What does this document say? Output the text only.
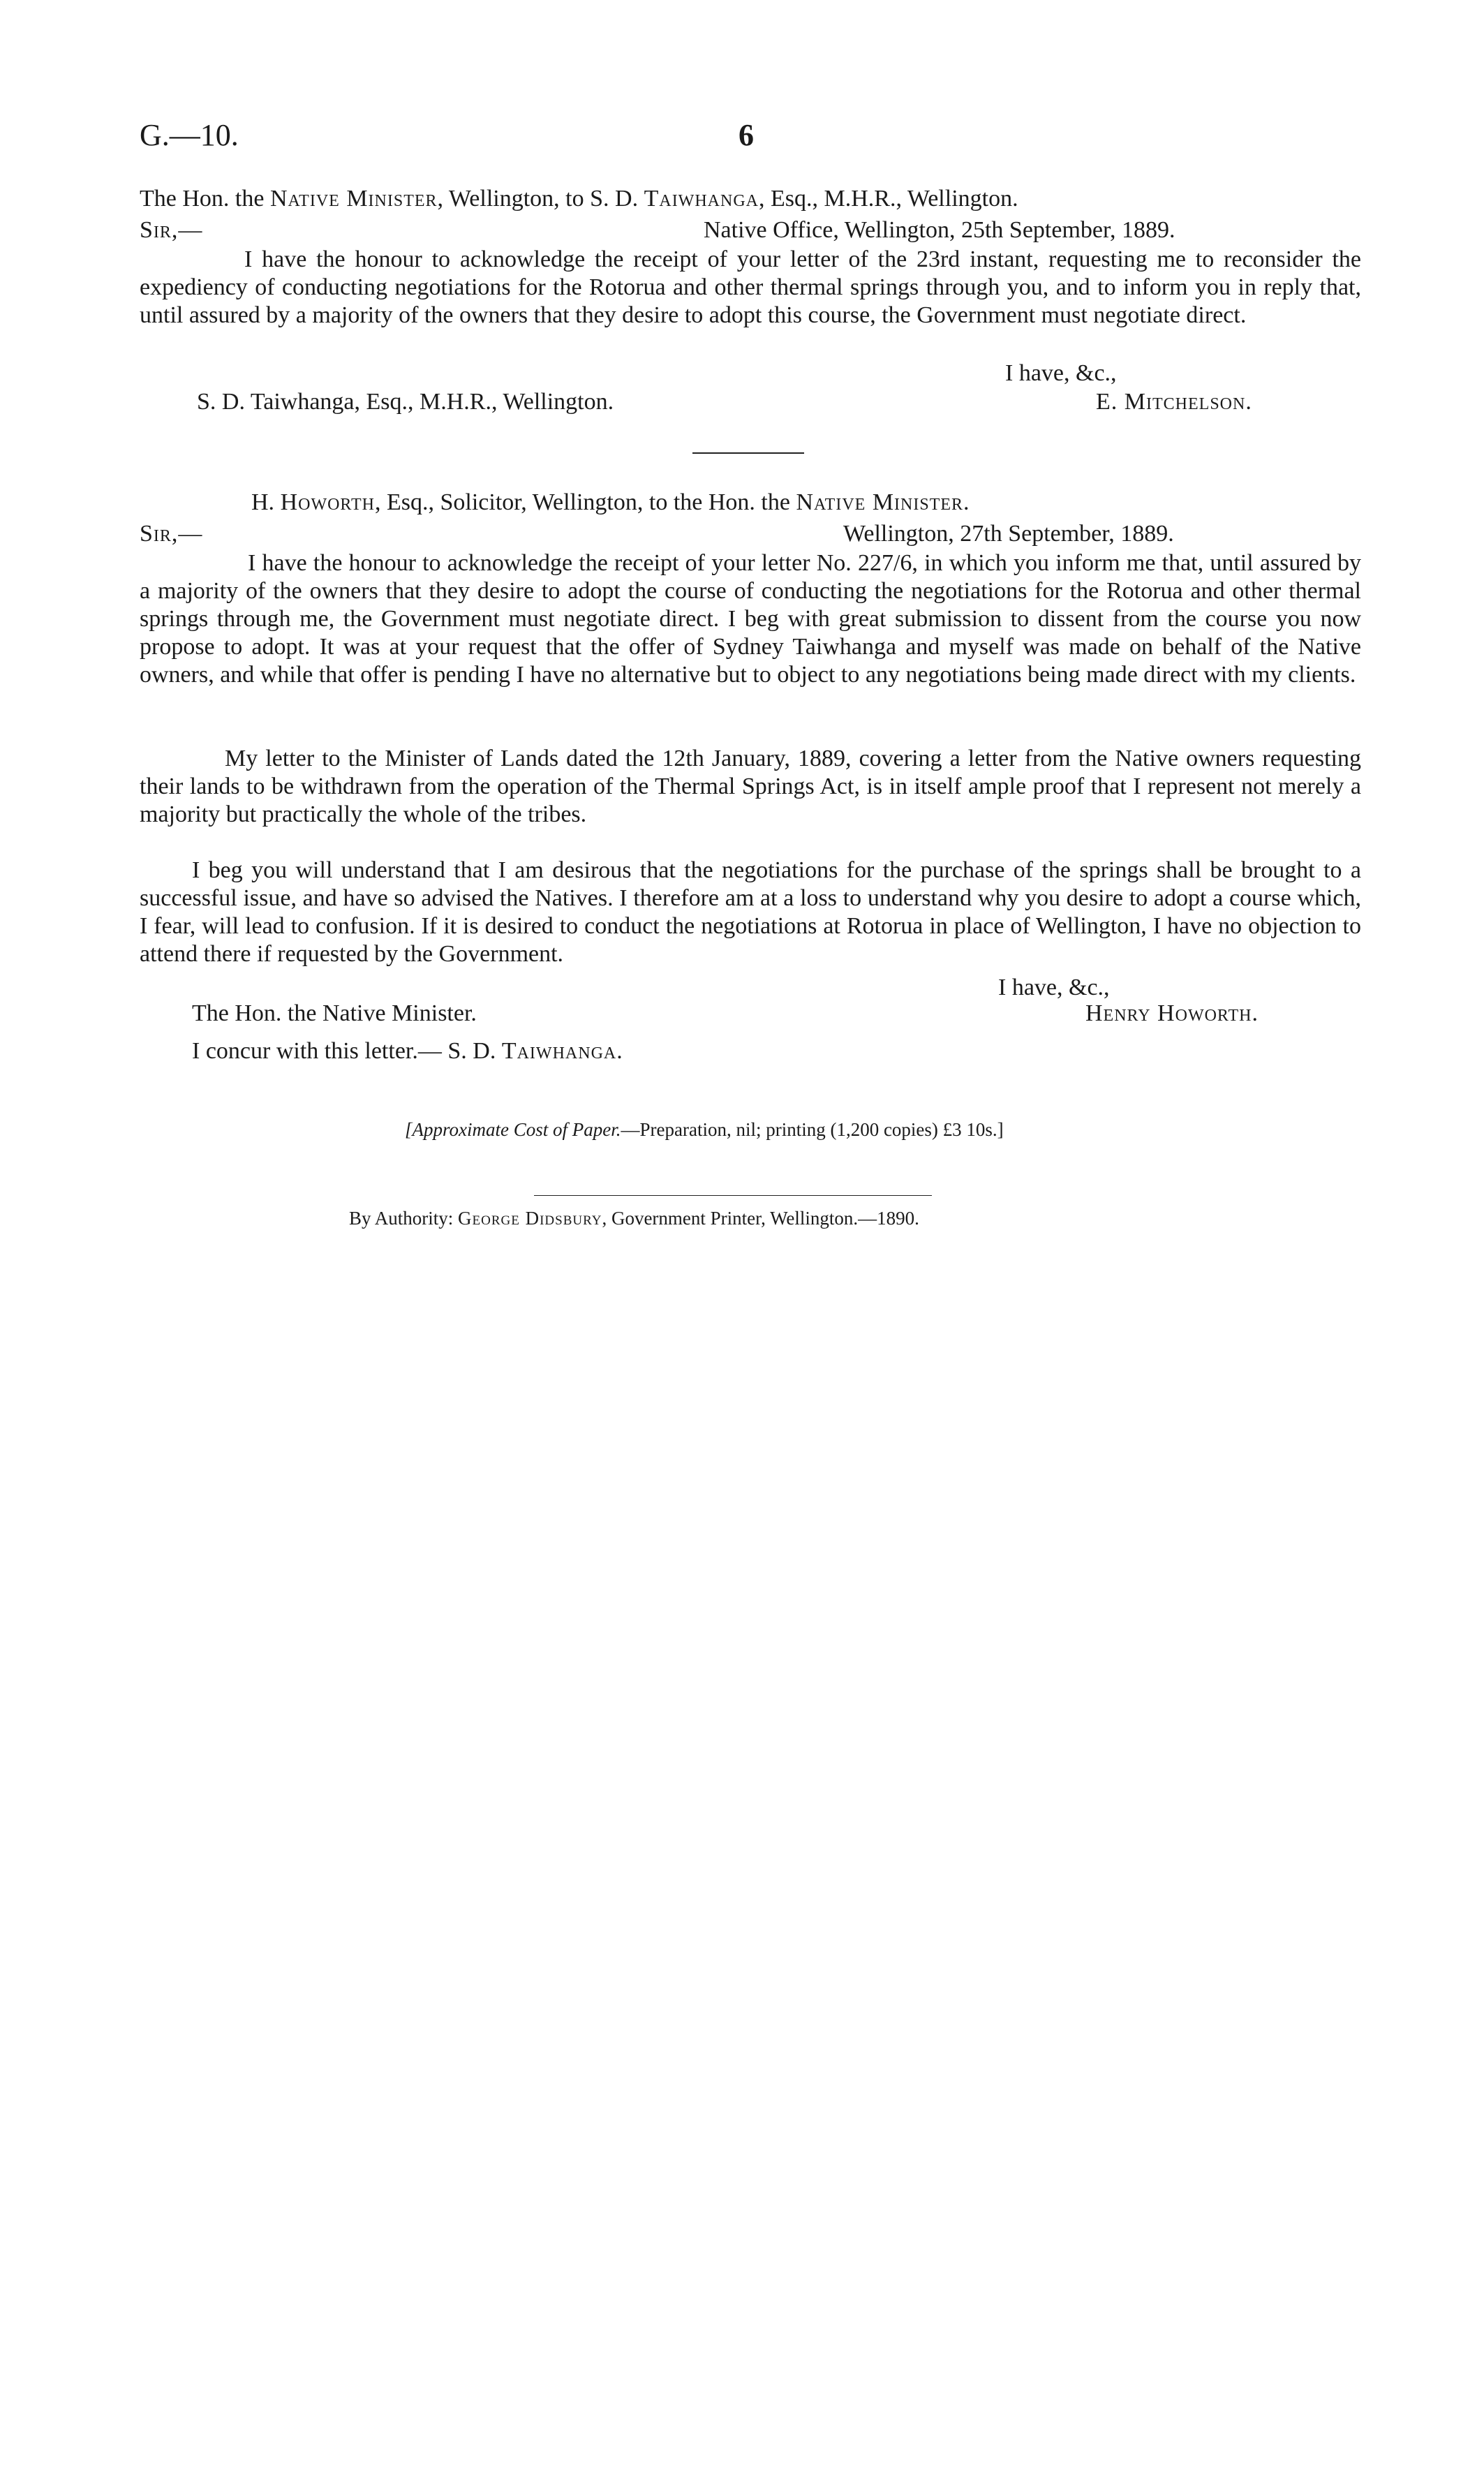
G.—10.	6
The Hon. the Native Minister, Wellington, to S. D. Taiwhanga, Esq., M.H.R., Wellington.
Sir,—	Native Office, Wellington, 25th September, 1889.
I have the honour to acknowledge the receipt of your letter of the 23rd instant, requesting me to reconsider the expediency of conducting negotiations for the Rotorua and other thermal springs through you, and to inform you in reply that, until assured by a majority of the owners that they desire to adopt this course, the Government must negotiate direct.
I have, &c.,
S. D. Taiwhanga, Esq., M.H.R., Wellington.	E. Mitchelson.
H. Howorth, Esq., Solicitor, Wellington, to the Hon. the Native Minister.
Sir,—	Wellington, 27th September, 1889.
I have the honour to acknowledge the receipt of your letter No. 227/6, in which you inform me that, until assured by a majority of the owners that they desire to adopt the course of conducting the negotiations for the Rotorua and other thermal springs through me, the Government must negotiate direct. I beg with great submission to dissent from the course you now propose to adopt. It was at your request that the offer of Sydney Taiwhanga and myself was made on behalf of the Native owners, and while that offer is pending I have no alternative but to object to any negotiations being made direct with my clients.
My letter to the Minister of Lands dated the 12th January, 1889, covering a letter from the Native owners requesting their lands to be withdrawn from the operation of the Thermal Springs Act, is in itself ample proof that I represent not merely a majority but practically the whole of the tribes.
I beg you will understand that I am desirous that the negotiations for the purchase of the springs shall be brought to a successful issue, and have so advised the Natives. I therefore am at a loss to understand why you desire to adopt a course which, I fear, will lead to confusion. If it is desired to conduct the negotiations at Rotorua in place of Wellington, I have no objection to attend there if requested by the Government.
I have, &c.,
The Hon. the Native Minister.	Henry Howorth.
I concur with this letter.— S. D. Taiwhanga.
[Approximate Cost of Paper.—Preparation, nil; printing (1,200 copies) £3 10s.]
By Authority: George Didsbury, Government Printer, Wellington.—1890.
